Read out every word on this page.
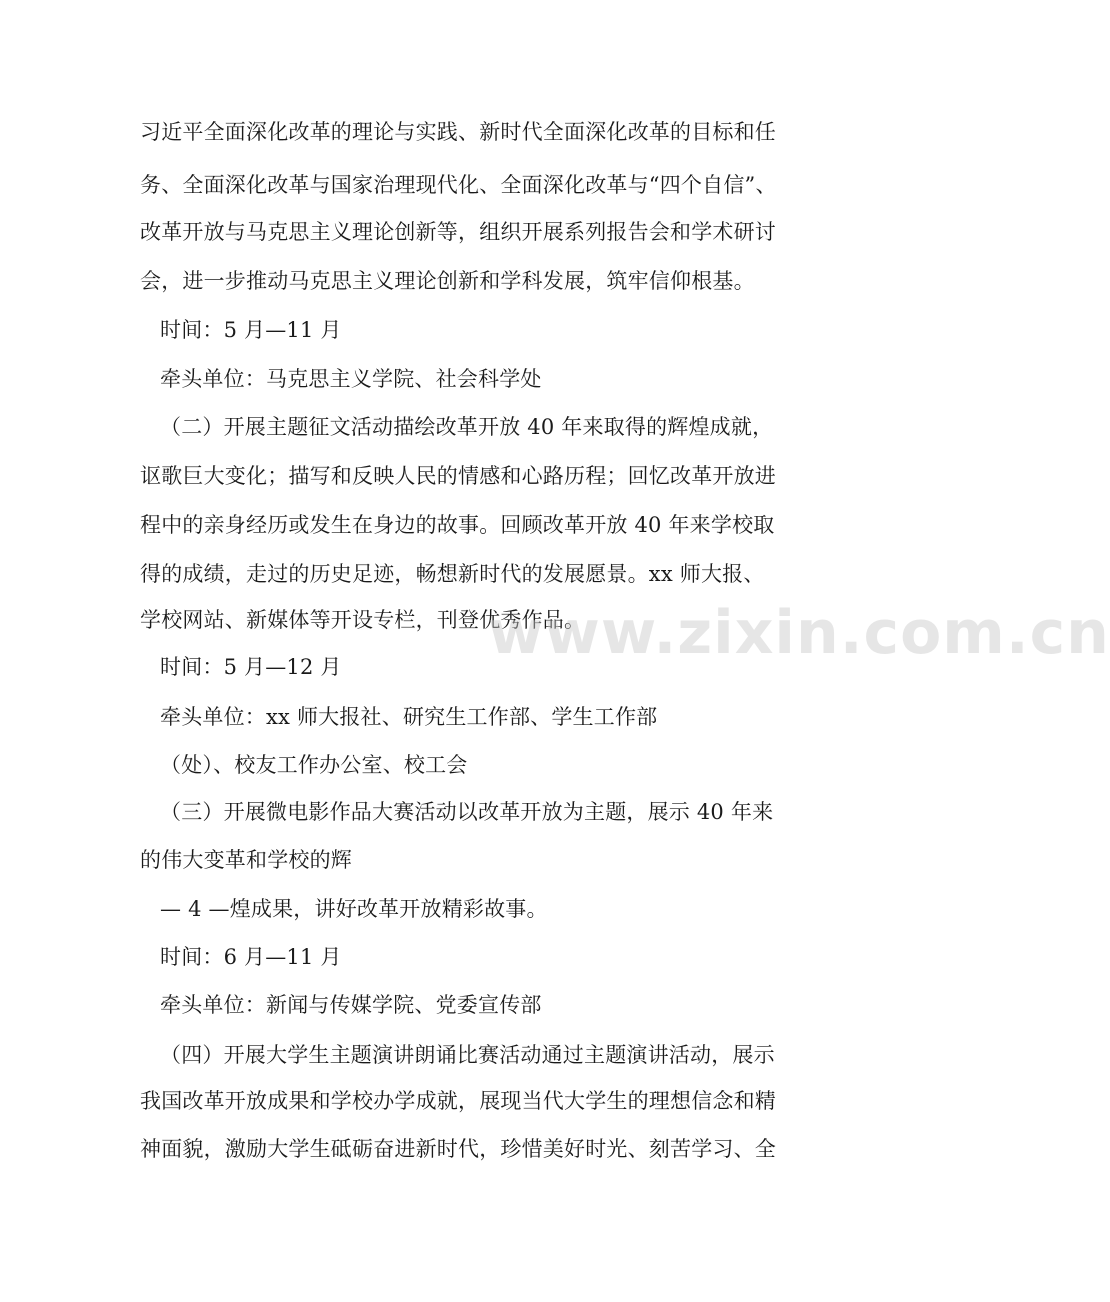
习近平全面深化改革的理论与实践、新时代全面深化改革的目标和任
务、全面深化改革与国家治理现代化、全面深化改革与“四个自信”、
改革开放与马克思主义理论创新等，组织开展系列报告会和学术研讨
会，进一步推动马克思主义理论创新和学科发展，筑牢信仰根基。
时间：5 月—11 月
牵头单位：马克思主义学院、社会科学处
（二）开展主题征文活动描绘改革开放 40 年来取得的辉煌成就，
讴歌巨大变化；描写和反映人民的情感和心路历程；回忆改革开放进
程中的亲身经历或发生在身边的故事。回顾改革开放 40 年来学校取
得的成绩，走过的历史足迹，畅想新时代的发展愿景。xx 师大报、
学校网站、新媒体等开设专栏，刊登优秀作品。
时间：5 月—12 月
牵头单位：xx 师大报社、研究生工作部、学生工作部
（处）、校友工作办公室、校工会
（三）开展微电影作品大赛活动以改革开放为主题，展示 40 年来
的伟大变革和学校的辉
— 4 —煌成果，讲好改革开放精彩故事。
时间：6 月—11 月
牵头单位：新闻与传媒学院、党委宣传部
（四）开展大学生主题演讲朗诵比赛活动通过主题演讲活动，展示
我国改革开放成果和学校办学成就，展现当代大学生的理想信念和精
神面貌，激励大学生砥砺奋进新时代，珍惜美好时光、刻苦学习、全
www.zixin.com.cn
